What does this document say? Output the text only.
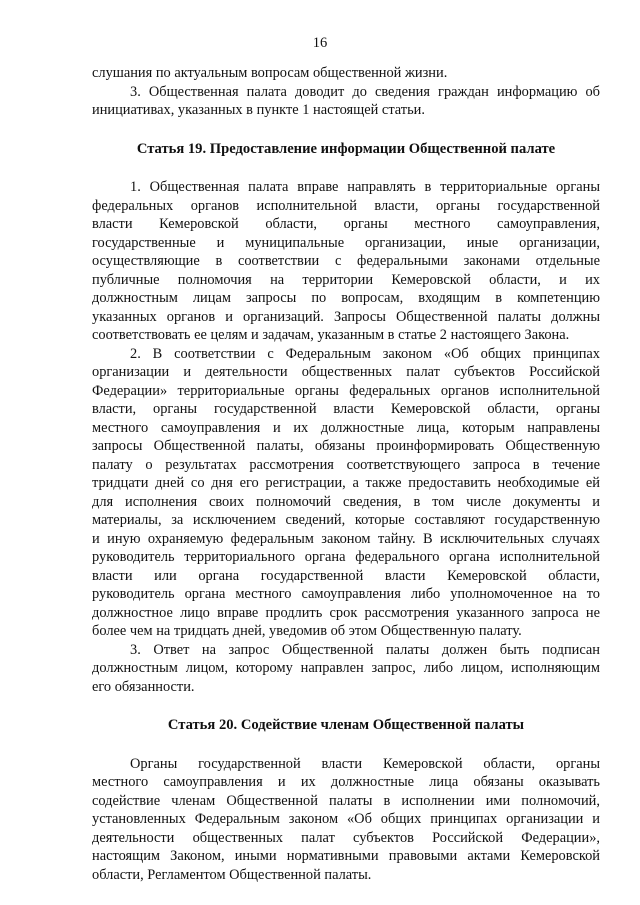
16
слушания по актуальным вопросам общественной жизни.
3. Общественная палата доводит до сведения граждан информацию об
инициативах, указанных в пункте 1 настоящей статьи.
Статья 19. Предоставление информации Общественной палате
1. Общественная палата вправе направлять в территориальные органы
федеральных органов исполнительной власти, органы государственной
власти Кемеровской области, органы местного самоуправления,
государственные и муниципальные организации, иные организации,
осуществляющие в соответствии с федеральными законами отдельные
публичные полномочия на территории Кемеровской области, и их
должностным лицам запросы по вопросам, входящим в компетенцию
указанных органов и организаций. Запросы Общественной палаты должны
соответствовать ее целям и задачам, указанным в статье 2 настоящего Закона.
2. В соответствии с Федеральным законом «Об общих принципах
организации и деятельности общественных палат субъектов Российской
Федерации» территориальные органы федеральных органов исполнительной
власти, органы государственной власти Кемеровской области, органы
местного самоуправления и их должностные лица, которым направлены
запросы Общественной палаты, обязаны проинформировать Общественную
палату о результатах рассмотрения соответствующего запроса в течение
тридцати дней со дня его регистрации, а также предоставить необходимые ей
для исполнения своих полномочий сведения, в том числе документы и
материалы, за исключением сведений, которые составляют государственную
и иную охраняемую федеральным законом тайну. В исключительных случаях
руководитель территориального органа федерального органа исполнительной
власти или органа государственной власти Кемеровской области,
руководитель органа местного самоуправления либо уполномоченное на то
должностное лицо вправе продлить срок рассмотрения указанного запроса не
более чем на тридцать дней, уведомив об этом Общественную палату.
3. Ответ на запрос Общественной палаты должен быть подписан
должностным лицом, которому направлен запрос, либо лицом, исполняющим
его обязанности.
Статья 20. Содействие членам Общественной палаты
Органы государственной власти Кемеровской области, органы
местного самоуправления и их должностные лица обязаны оказывать
содействие членам Общественной палаты в исполнении ими полномочий,
установленных Федеральным законом «Об общих принципах организации и
деятельности общественных палат субъектов Российской Федерации»,
настоящим Законом, иными нормативными правовыми актами Кемеровской
области, Регламентом Общественной палаты.
